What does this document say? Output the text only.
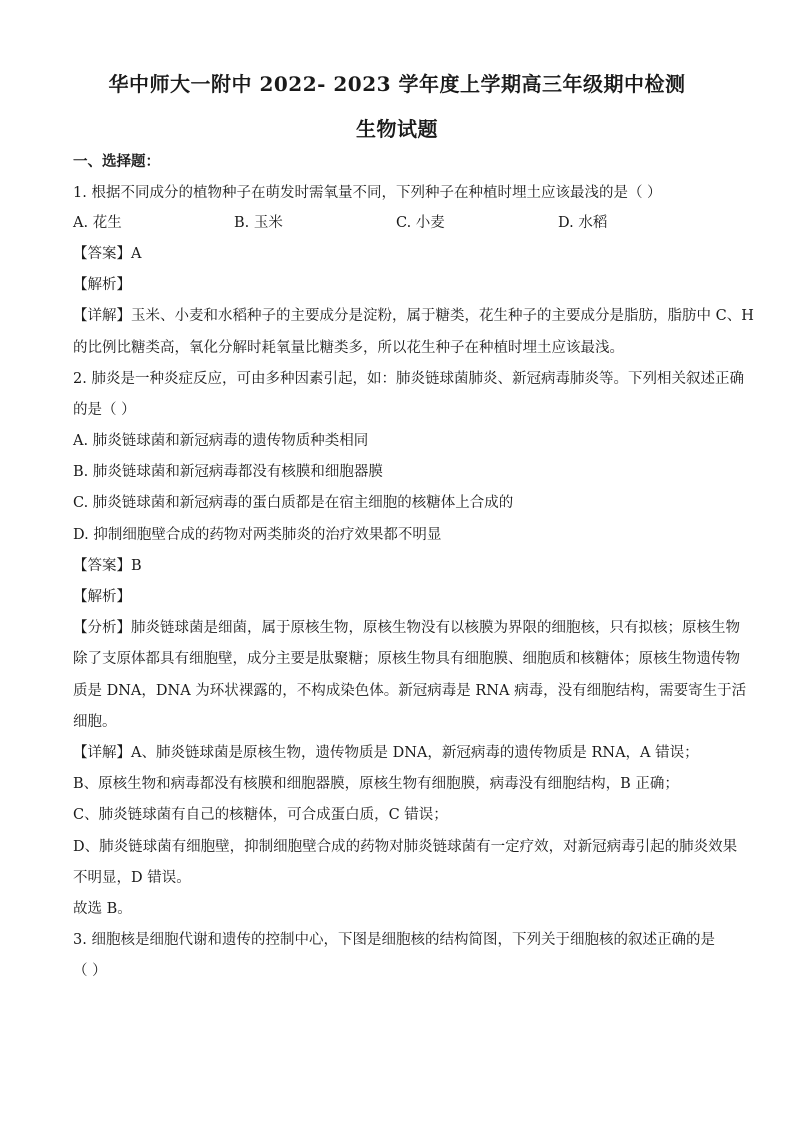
华中师大一附中 2022- 2023 学年度上学期高三年级期中检测
生物试题
一、选择题：
1. 根据不同成分的植物种子在萌发时需氧量不同，下列种子在种植时埋土应该最浅的是（ ）
A. 花生	B. 玉米	C. 小麦	D. 水稻
【答案】A
【解析】
【详解】玉米、小麦和水稻种子的主要成分是淀粉，属于糖类，花生种子的主要成分是脂肪，脂肪中 C、H
的比例比糖类高，氧化分解时耗氧量比糖类多，所以花生种子在种植时埋土应该最浅。
2. 肺炎是一种炎症反应，可由多种因素引起，如：肺炎链球菌肺炎、新冠病毒肺炎等。下列相关叙述正确
的是（ ）
A. 肺炎链球菌和新冠病毒的遗传物质种类相同
B. 肺炎链球菌和新冠病毒都没有核膜和细胞器膜
C. 肺炎链球菌和新冠病毒的蛋白质都是在宿主细胞的核糖体上合成的
D. 抑制细胞壁合成的药物对两类肺炎的治疗效果都不明显
【答案】B
【解析】
【分析】肺炎链球菌是细菌，属于原核生物，原核生物没有以核膜为界限的细胞核，只有拟核；原核生物
除了支原体都具有细胞壁，成分主要是肽聚糖；原核生物具有细胞膜、细胞质和核糖体；原核生物遗传物
质是 DNA，DNA 为环状裸露的，不构成染色体。新冠病毒是 RNA 病毒，没有细胞结构，需要寄生于活
细胞。
【详解】A、肺炎链球菌是原核生物，遗传物质是 DNA，新冠病毒的遗传物质是 RNA，A 错误；
B、原核生物和病毒都没有核膜和细胞器膜，原核生物有细胞膜，病毒没有细胞结构，B 正确；
C、肺炎链球菌有自己的核糖体，可合成蛋白质，C 错误；
D、肺炎链球菌有细胞壁，抑制细胞壁合成的药物对肺炎链球菌有一定疗效，对新冠病毒引起的肺炎效果
不明显，D 错误。
故选 B。
3. 细胞核是细胞代谢和遗传的控制中心，下图是细胞核的结构简图，下列关于细胞核的叙述正确的是
（ ）
